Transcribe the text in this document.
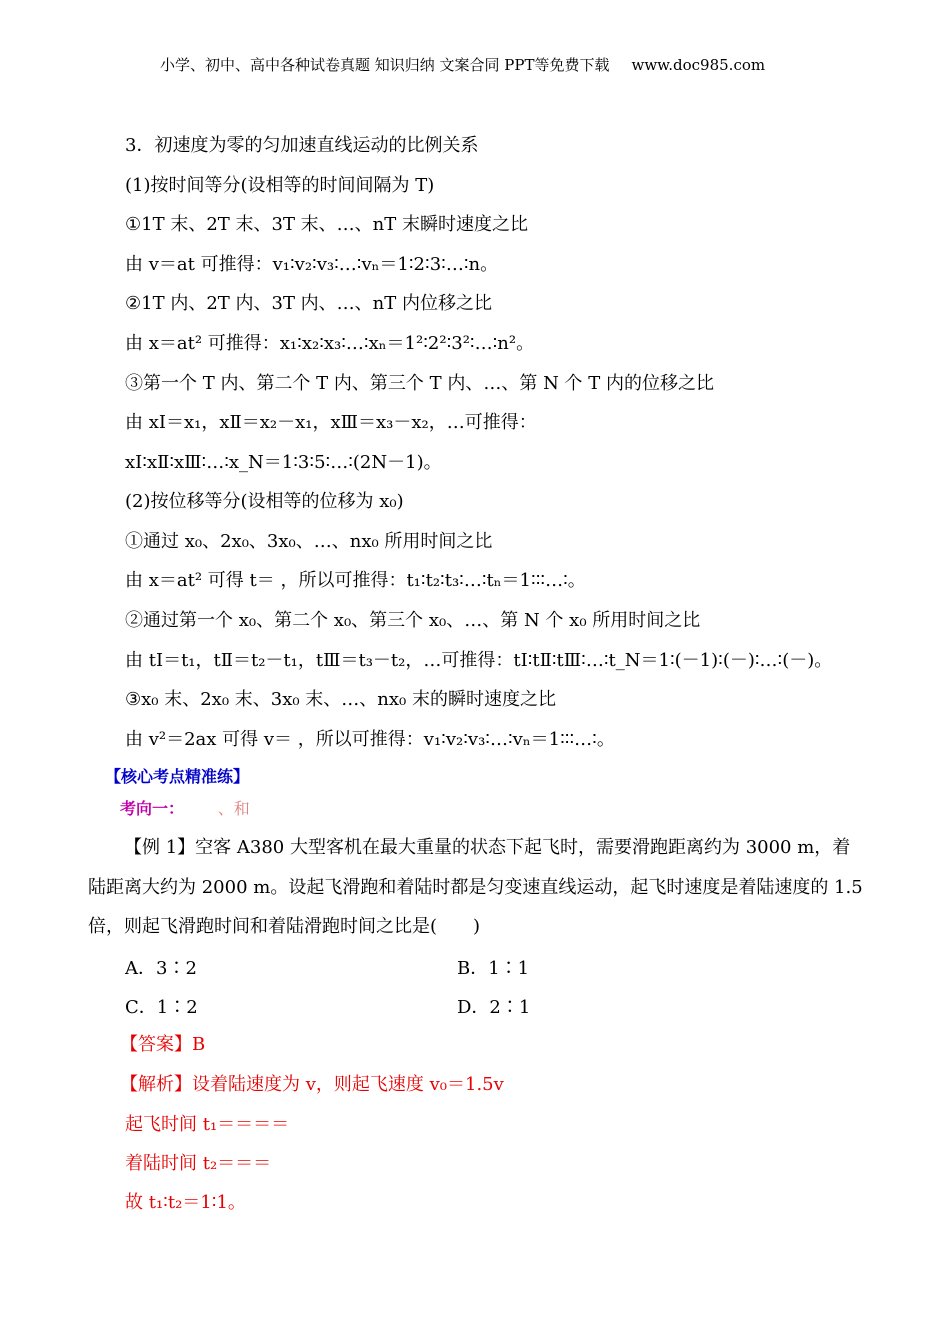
小学、初中、高中各种试卷真题 知识归纳 文案合同 PPT等免费下载 www.doc985.com
3．初速度为零的匀加速直线运动的比例关系
(1)按时间等分(设相等的时间间隔为 T)
①1T 末、2T 末、3T 末、…、nT 末瞬时速度之比
由 v＝at 可推得：v₁∶v₂∶v₃∶…∶vₙ＝1∶2∶3∶…∶n。
②1T 内、2T 内、3T 内、…、nT 内位移之比
由 x＝at² 可推得：x₁∶x₂∶x₃∶…∶xₙ＝1²∶2²∶3²∶…∶n²。
③第一个 T 内、第二个 T 内、第三个 T 内、…、第 N 个 T 内的位移之比
由 xⅠ＝x₁，xⅡ＝x₂－x₁，xⅢ＝x₃－x₂，…可推得：
xⅠ∶xⅡ∶xⅢ∶…∶x_N＝1∶3∶5∶…∶(2N－1)。
(2)按位移等分(设相等的位移为 x₀)
①通过 x₀、2x₀、3x₀、…、nx₀ 所用时间之比
由 x＝at² 可得 t＝ ，所以可推得：t₁∶t₂∶t₃∶…∶tₙ＝1∶∶∶…∶。
②通过第一个 x₀、第二个 x₀、第三个 x₀、…、第 N 个 x₀ 所用时间之比
由 tⅠ＝t₁，tⅡ＝t₂－t₁，tⅢ＝t₃－t₂，…可推得：tⅠ∶tⅡ∶tⅢ∶…∶t_N＝1∶(－1)∶(－)∶…∶(－)。
③x₀ 末、2x₀ 末、3x₀ 末、…、nx₀ 末的瞬时速度之比
由 v²＝2ax 可得 v＝ ，所以可推得：v₁∶v₂∶v₃∶…∶vₙ＝1∶∶∶…∶。
【核心考点精准练】
考向一： 、和
【例 1】空客 A380 大型客机在最大重量的状态下起飞时，需要滑跑距离约为 3000 m，着陆距离大约为 2000 m。设起飞滑跑和着陆时都是匀变速直线运动，起飞时速度是着陆速度的 1.5 倍，则起飞滑跑时间和着陆滑跑时间之比是(　　)
A．3∶2	B．1∶1
C．1∶2	D．2∶1
【答案】B
【解析】设着陆速度为 v，则起飞速度 v₀＝1.5v
起飞时间 t₁＝＝＝＝
着陆时间 t₂＝＝＝
故 t₁∶t₂＝1∶1。
